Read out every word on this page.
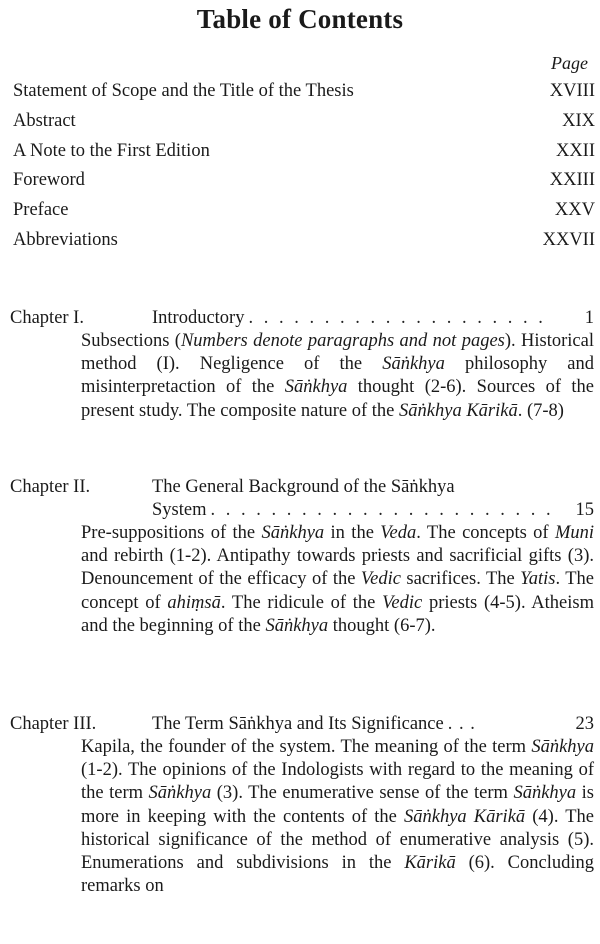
Table of Contents
Page
Statement of Scope and the Title of the Thesis	XVIII
Abstract	XIX
A Note to the First Edition	XXII
Foreword	XXIII
Preface	XXV
Abbreviations	XXVII
Chapter I.	Introductory . . . . . . . . . . . . . . . . . . . .	1
Subsections (Numbers denote paragraphs and not pages). Historical method (I). Negligence of the Sāṅkhya philosophy and misinterpretaction of the Sāṅkhya thought (2-6). Sources of the present study. The composite nature of the Sāṅkhya Kārikā. (7-8)
Chapter II.	The General Background of the Sāṅkhya
System . . . . . . . . . . . . . . . . . . . . . . . 15
Pre-suppositions of the Sāṅkhya in the Veda. The concepts of Muni and rebirth (1-2). Antipathy towards priests and sacrificial gifts (3). Denouncement of the efficacy of the Vedic sacrifices. The Yatis. The concept of ahiṃsā. The ridicule of the Vedic priests (4-5). Atheism and the beginning of the Sāṅkhya thought (6-7).
Chapter III.	The Term Sāṅkhya and Its Significance . . .	23
Kapila, the founder of the system. The meaning of the term Sāṅkhya (1-2). The opinions of the Indologists with regard to the meaning of the term Sāṅkhya (3). The enumerative sense of the term Sāṅkhya is more in keeping with the contents of the Sāṅkhya Kārikā (4). The historical significance of the method of enumerative analysis (5). Enumerations and subdivisions in the Kārikā (6). Concluding remarks on
